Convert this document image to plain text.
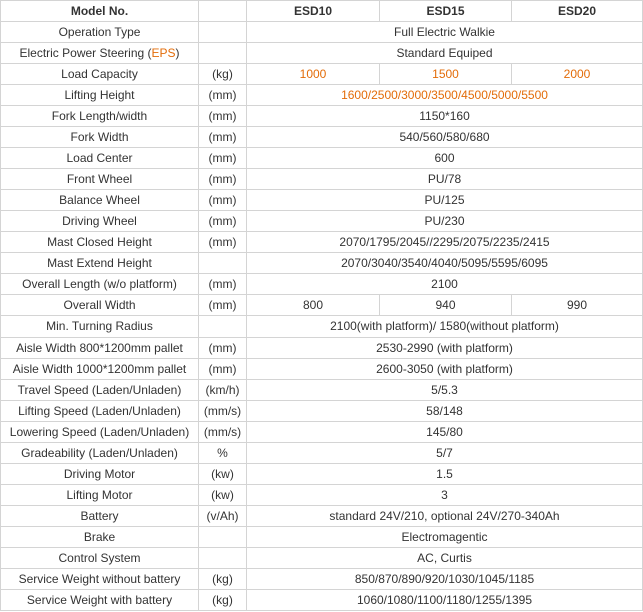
Model No.		ESD10	ESD15	ESD20
Operation Type		Full Electric Walkie		
Electric Power Steering (EPS)		Standard Equiped		
Load Capacity	(kg)	1000	1500	2000
Lifting Height	(mm)	1600/2500/3000/3500/4500/5000/5500		
Fork Length/width	(mm)	1150*160		
Fork Width	(mm)	540/560/580/680		
Load Center	(mm)	600		
Front Wheel	(mm)	PU/78		
Balance Wheel	(mm)	PU/125		
Driving Wheel	(mm)	PU/230		
Mast Closed Height	(mm)	2070/1795/2045//2295/2075/2235/2415		
Mast Extend Height		2070/3040/3540/4040/5095/5595/6095		
Overall Length (w/o platform)	(mm)	2100		
Overall Width	(mm)	800	940	990
Min. Turning Radius		2100(with platform)/ 1580(without platform)		
Aisle Width 800*1200mm pallet	(mm)	2530-2990 (with platform)		
Aisle Width 1000*1200mm pallet	(mm)	2600-3050 (with platform)		
Travel Speed (Laden/Unladen)	(km/h)	5/5.3		
Lifting Speed (Laden/Unladen)	(mm/s)	58/148		
Lowering Speed (Laden/Unladen)	(mm/s)	145/80		
Gradeability (Laden/Unladen)	%	5/7		
Driving Motor	(kw)	1.5		
Lifting Motor	(kw)	3		
Battery	(v/Ah)	standard 24V/210, optional 24V/270-340Ah		
Brake		Electromagentic		
Control System		AC, Curtis		
Service Weight without battery	(kg)	850/870/890/920/1030/1045/1185		
Service Weight with battery	(kg)	1060/1080/1100/1180/1255/1395		
